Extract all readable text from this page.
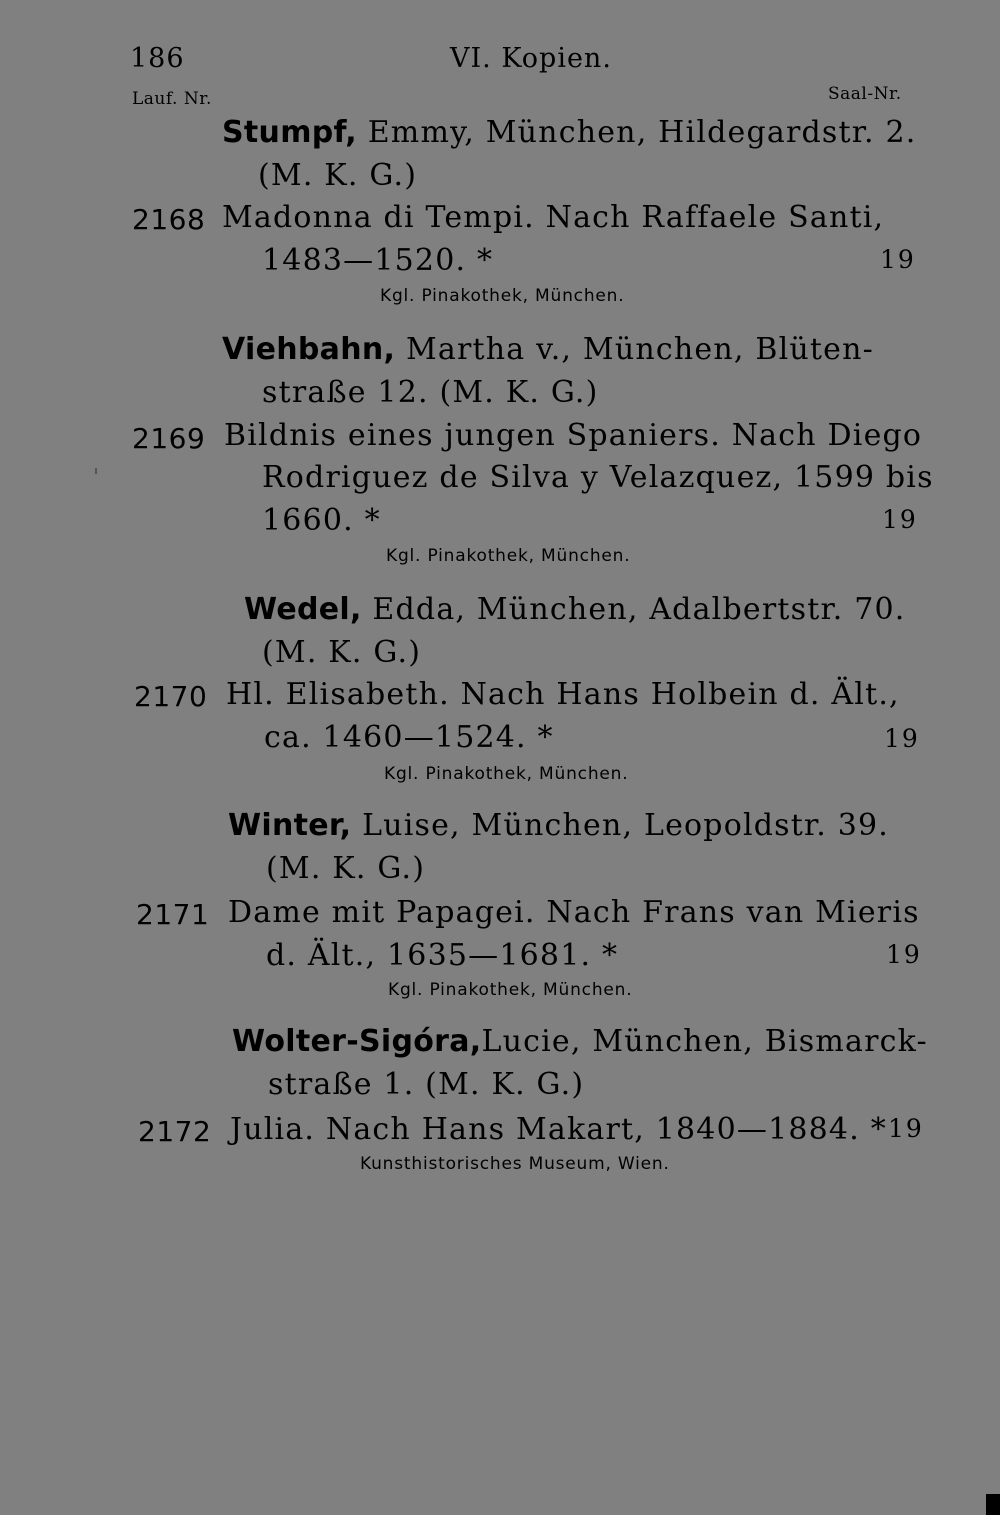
186	VI. Kopien.
Lauf. Nr.	Saal-Nr.
Stumpf, Emmy, München, Hildegardstr. 2.
(M. K. G.)
2168 Madonna di Tempi. Nach Raffaele Santi,
1483—1520. *	19
Kgl. Pinakothek, München.
Viehbahn, Martha v., München, Blüten-
straße 12. (M. K. G.)
2169 Bildnis eines jungen Spaniers. Nach Diego
Rodriguez de Silva y Velazquez, 1599 bis
1660. *	19
Kgl. Pinakothek, München.
Wedel, Edda, München, Adalbertstr. 70.
(M. K. G.)
2170 Hl. Elisabeth. Nach Hans Holbein d. Ält.,
ca. 1460—1524. *	19
Kgl. Pinakothek, München.
Winter, Luise, München, Leopoldstr. 39.
(M. K. G.)
2171 Dame mit Papagei. Nach Frans van Mieris
d. Ält., 1635—1681. *	19
Kgl. Pinakothek, München.
Wolter-Sigóra,Lucie, München, Bismarck-
straße 1. (M. K. G.)
2172 Julia. Nach Hans Makart, 1840—1884. * 19
Kunsthistorisches Museum, Wien.
